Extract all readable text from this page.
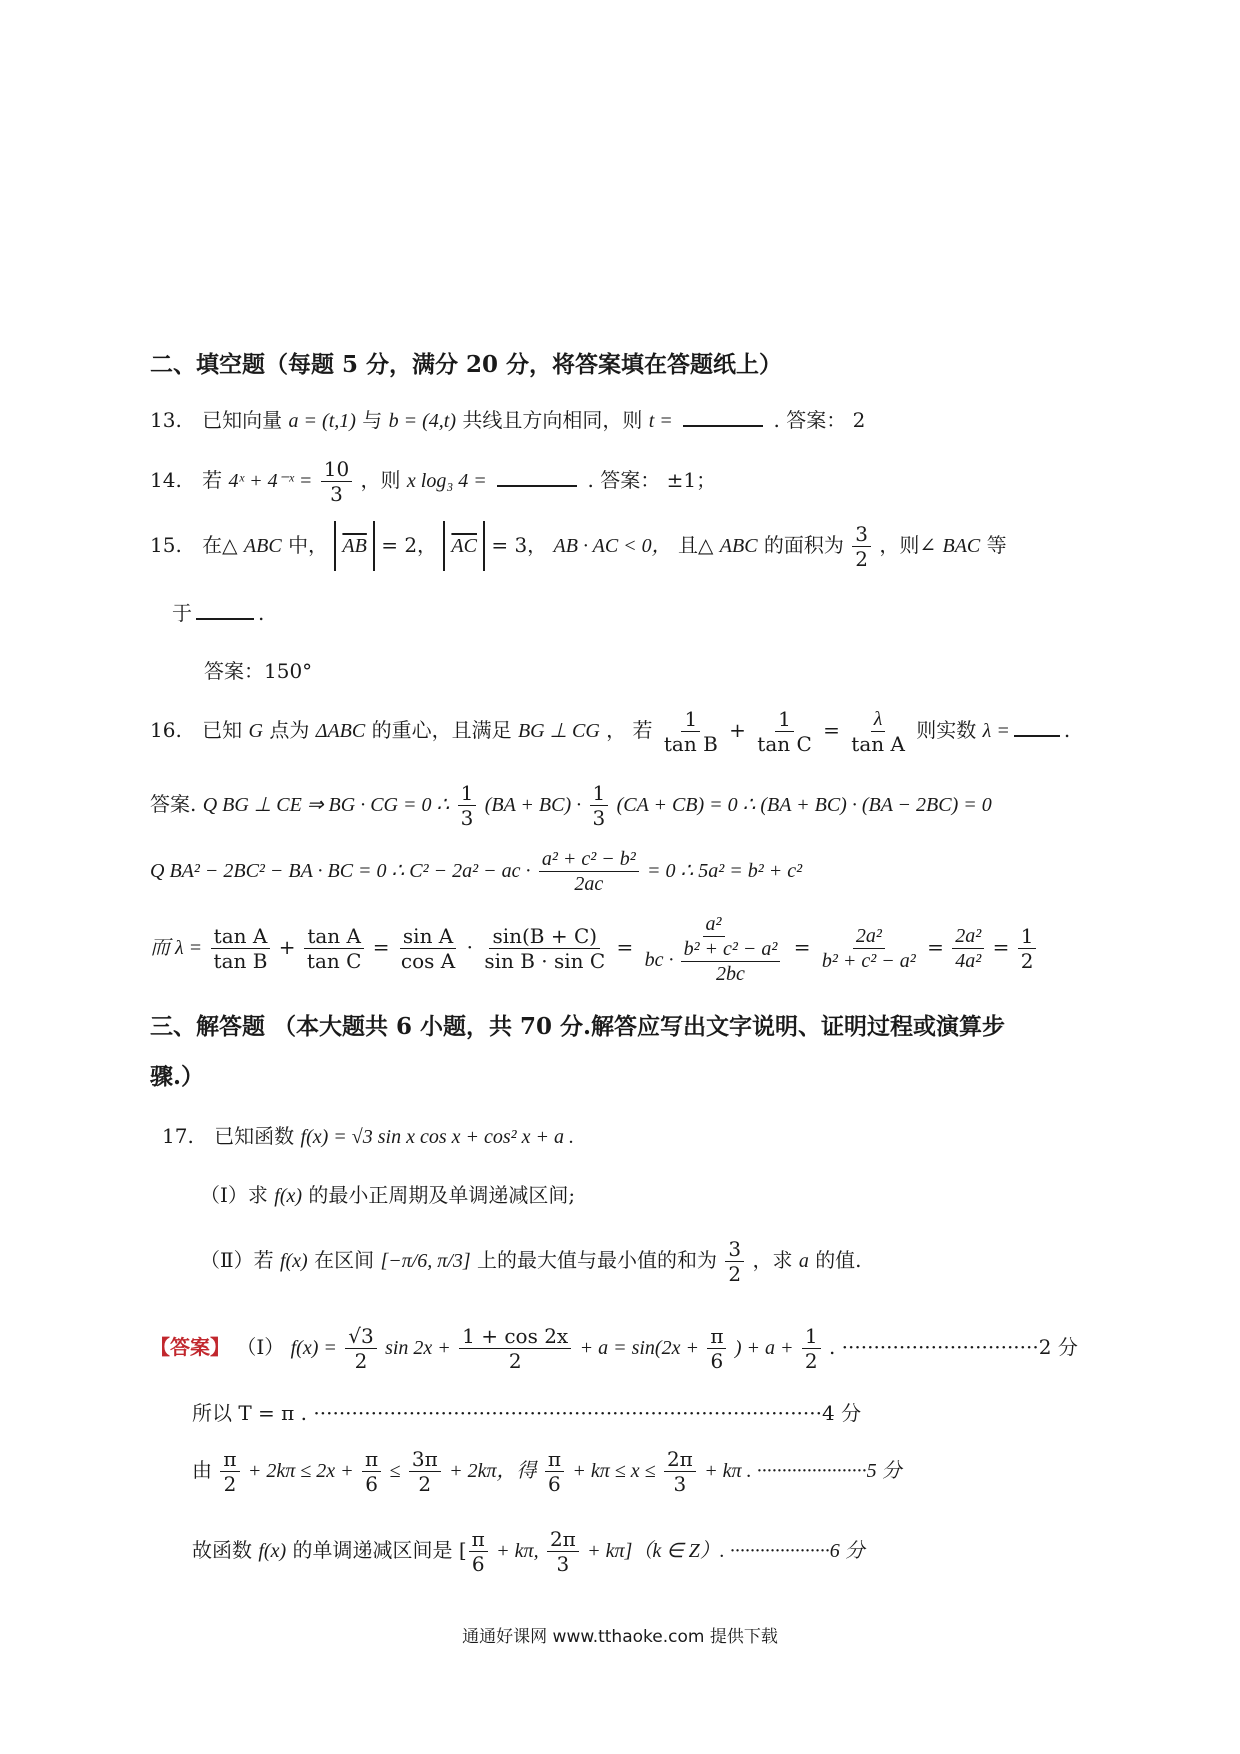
二、填空题（每题 5 分，满分 20 分，将答案填在答题纸上）
13. 已知向量 a = (t,1) 与 b = (4,t) 共线且方向相同，则 t =	. 答案： 2
14. 若 4ˣ + 4⁻ˣ = $\frac{10}{3}$ ，则 x log₃ 4 =	. 答案： ±1；
15. 在△ ABC 中， $\overline{AB} = 2$， $\overline{AC} = 3$， AB · AC < 0， 且△ ABC 的面积为 $\frac{3}{2}$ ，则∠ BAC 等
于	.
答案：150°
16. 已知 G 点为 ΔABC 的重心，且满足 BG ⊥ CG ， 若 $\frac{1}{\text{tan B}} + \frac{1}{\text{tan C}} = \frac{\lambda}{\text{tan A}}$ 则实数 λ =	.
答案. Q BG ⊥ CE ⇒ BG · CG = 0 ∴ $\frac{1}{3} (BA + BC) \cdot \frac{1}{3} (CA + CB) = 0$ ∴ (BA + BC) · (BA − 2BC) = 0
Q BA² − 2BC² − BA · BC = 0 ∴ C² − 2a² − ac · $\frac{\text{a² + c² − b²}}{2ac} = 0$ ∴ 5a² = b² + c²
而 $\lambda = \frac{\text{tan A}}{\text{tan B}} + \frac{\text{tan A}}{\text{tan C}} = \frac{\text{sin A}}{\text{cos A}} \cdot \frac{\sin(B + C)}{\text{sin B · sin C}} = \frac{\text{a²}}{bc \cdot \frac{\text{b² + c² − a²}}{2bc}} = \frac{\text{2a²}}{\text{b² + c² − a²}} = \frac{\text{2a²}}{\text{4a²}} = \frac{1}{2}$
三、解答题 （本大题共 6 小题，共 70 分.解答应写出文字说明、证明过程或演算步
骤.）
17. 已知函数 f(x) = √3 sin x cos x + cos² x + a .
（Ⅰ）求 f(x) 的最小正周期及单调递减区间;
（Ⅱ）若 f(x) 在区间 [−π/6, π/3] 上的最大值与最小值的和为 $\frac{3}{2}$ ，求 a 的值.
【答案】 （Ⅰ） $f(x) = \frac{√3}{2}$ $\sin 2x + \frac{1 + \cos 2x}{2} + a = \sin(2x + \frac{\pi}{6}$ ) + $a + \frac{1}{2}$ . ·······························2 分
所以 T = π . ················································································4 分
由 $\frac{\pi}{2} + 2k\pi \le 2x + \frac{\pi}{6} \le \frac{3\pi}{2} + 2k\pi$，得 $\frac{\pi}{6} + k\pi \le x \le \frac{2\pi}{3} + k\pi$ . ······················5 分
故函数 f(x) 的单调递减区间是 [ $\frac{\pi}{6} + k\pi$, $\frac{2\pi}{3} + k\pi](k$ ∈ Z）. ····················6 分
通通好课网 www.tthaoke.com 提供下载
